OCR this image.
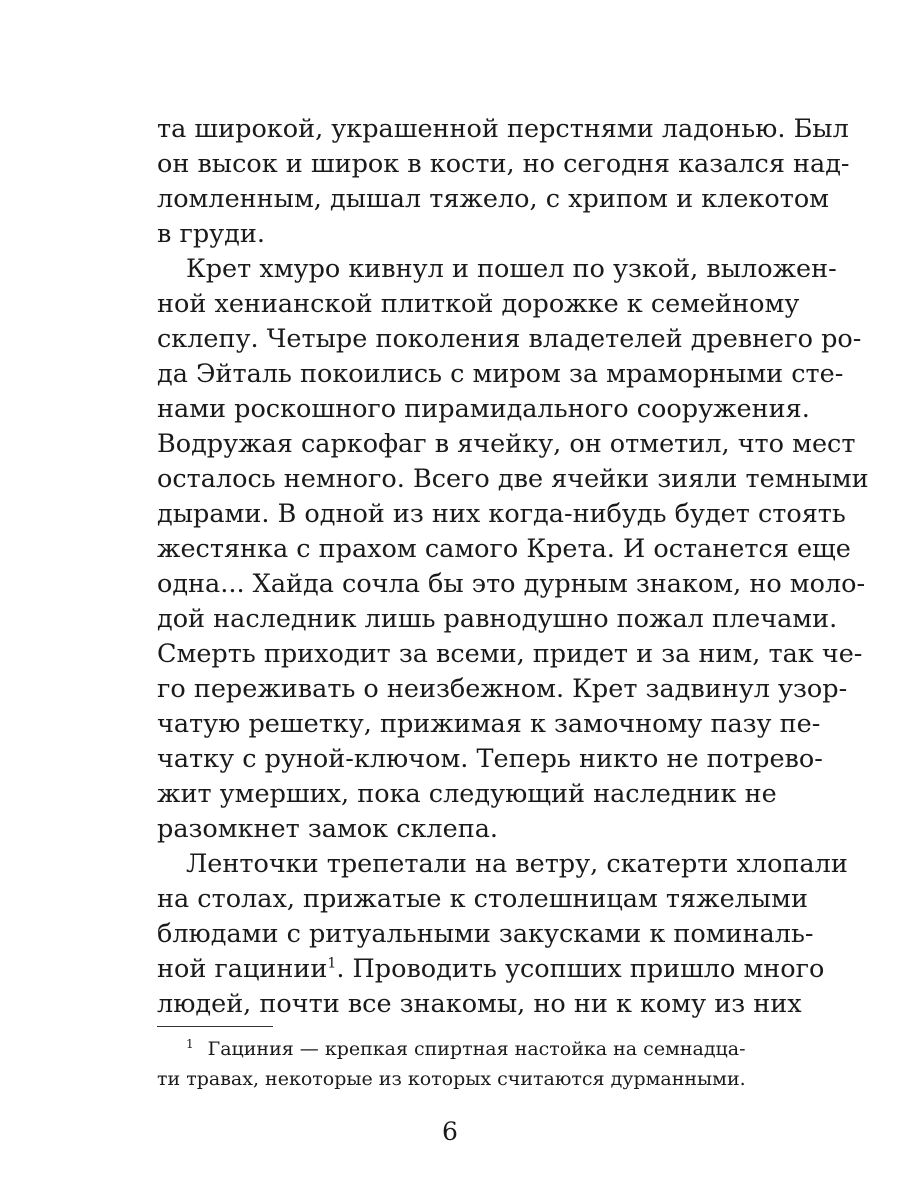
та широкой, украшенной перстнями ладонью. Был
он высок и широк в кости, но сегодня казался над-
ломленным, дышал тяжело, с хрипом и клекотом
в груди.
Крет хмуро кивнул и пошел по узкой, выложен-
ной хенианской плиткой дорожке к семейному
склепу. Четыре поколения владетелей древнего ро-
да Эйталь покоились с миром за мраморными сте-
нами роскошного пирамидального сооружения.
Водружая саркофаг в ячейку, он отметил, что мест
осталось немного. Всего две ячейки зияли темными
дырами. В одной из них когда-нибудь будет стоять
жестянка с прахом самого Крета. И останется еще
одна... Хайда сочла бы это дурным знаком, но моло-
дой наследник лишь равнодушно пожал плечами.
Смерть приходит за всеми, придет и за ним, так че-
го переживать о неизбежном. Крет задвинул узор-
чатую решетку, прижимая к замочному пазу пе-
чатку с руной-ключом. Теперь никто не потрево-
жит умерших, пока следующий наследник не
разомкнет замок склепа.
Ленточки трепетали на ветру, скатерти хлопали
на столах, прижатые к столешницам тяжелыми
блюдами с ритуальными закусками к поминаль-
ной гацинии$^1$. Проводить усопших пришло много
людей, почти все знакомы, но ни к кому из них
$^1$ Гациния — крепкая спиртная настойка на семнадца-
ти травах, некоторые из которых считаются дурманными.
6
